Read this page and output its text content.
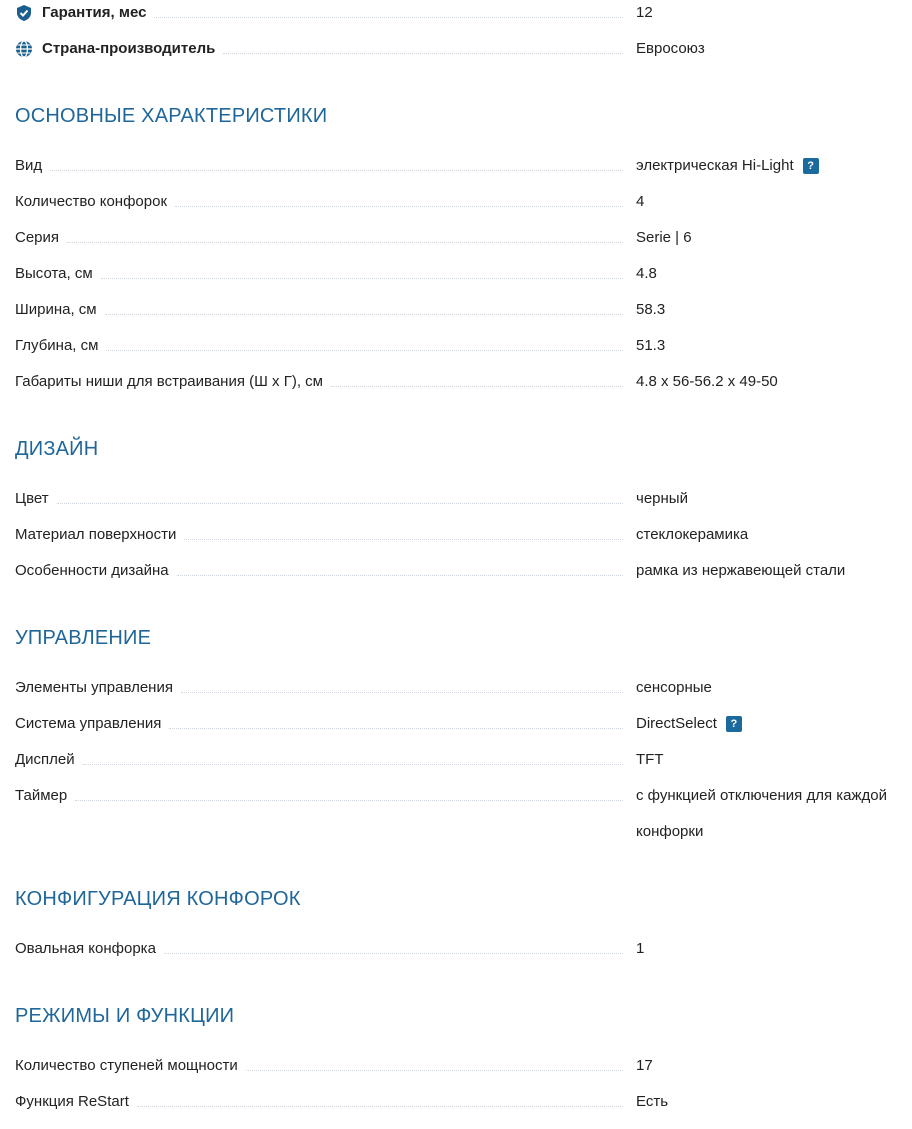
Гарантия, мес	12
Страна-производитель	Евросоюз
ОСНОВНЫЕ ХАРАКТЕРИСТИКИ
Вид	электрическая Hi-Light	?
Количество конфорок	4
Серия	Serie | 6
Высота, см	4.8
Ширина, см	58.3
Глубина, см	51.3
Габариты ниши для встраивания (Ш х Г), см	4.8 x 56-56.2 x 49-50
ДИЗАЙН
Цвет	черный
Материал поверхности	стеклокерамика
Особенности дизайна	рамка из нержавеющей стали
УПРАВЛЕНИЕ
Элементы управления	сенсорные
Система управления	DirectSelect	?
Дисплей	TFT
Таймер	с функцией отключения для каждой конфорки
КОНФИГУРАЦИЯ КОНФОРОК
Овальная конфорка	1
РЕЖИМЫ И ФУНКЦИИ
Количество ступеней мощности	17
Функция ReStart	Есть
